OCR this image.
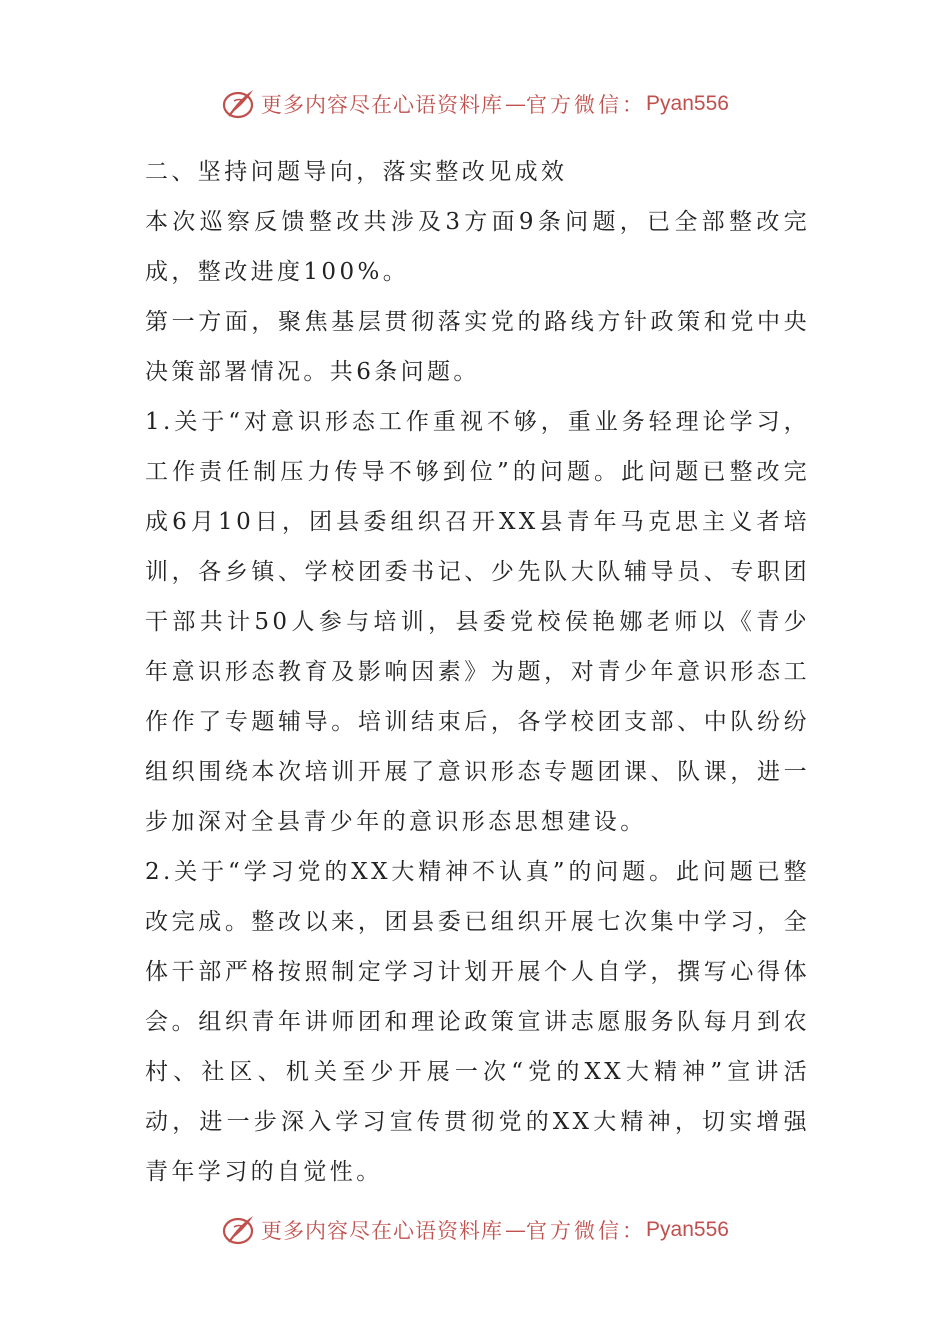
更多内容尽在心语资料库 — 官方微信： Pyan556

二、坚持问题导向，落实整改见成效

本次巡察反馈整改共涉及3方面9条问题，已全部整改完成，整改进度100%。

第一方面，聚焦基层贯彻落实党的路线方针政策和党中央决策部署情况。共6条问题。

1.关于“对意识形态工作重视不够，重业务轻理论学习，工作责任制压力传导不够到位”的问题。此问题已整改完成6月10日，团县委组织召开XX县青年马克思主义者培训，各乡镇、学校团委书记、少先队大队辅导员、专职团干部共计50人参与培训，县委党校侯艳娜老师以《青少年意识形态教育及影响因素》为题，对青少年意识形态工作作了专题辅导。培训结束后，各学校团支部、中队纷纷组织围绕本次培训开展了意识形态专题团课、队课，进一步加深对全县青少年的意识形态思想建设。

2.关于“学习党的XX大精神不认真”的问题。此问题已整改完成。整改以来，团县委已组织开展七次集中学习，全体干部严格按照制定学习计划开展个人自学，撰写心得体会。组织青年讲师团和理论政策宣讲志愿服务队每月到农村、社区、机关至少开展一次“党的XX大精神”宣讲活动，进一步深入学习宣传贯彻党的XX大精神，切实增强青年学习的自觉性。

更多内容尽在心语资料库 — 官方微信： Pyan556
